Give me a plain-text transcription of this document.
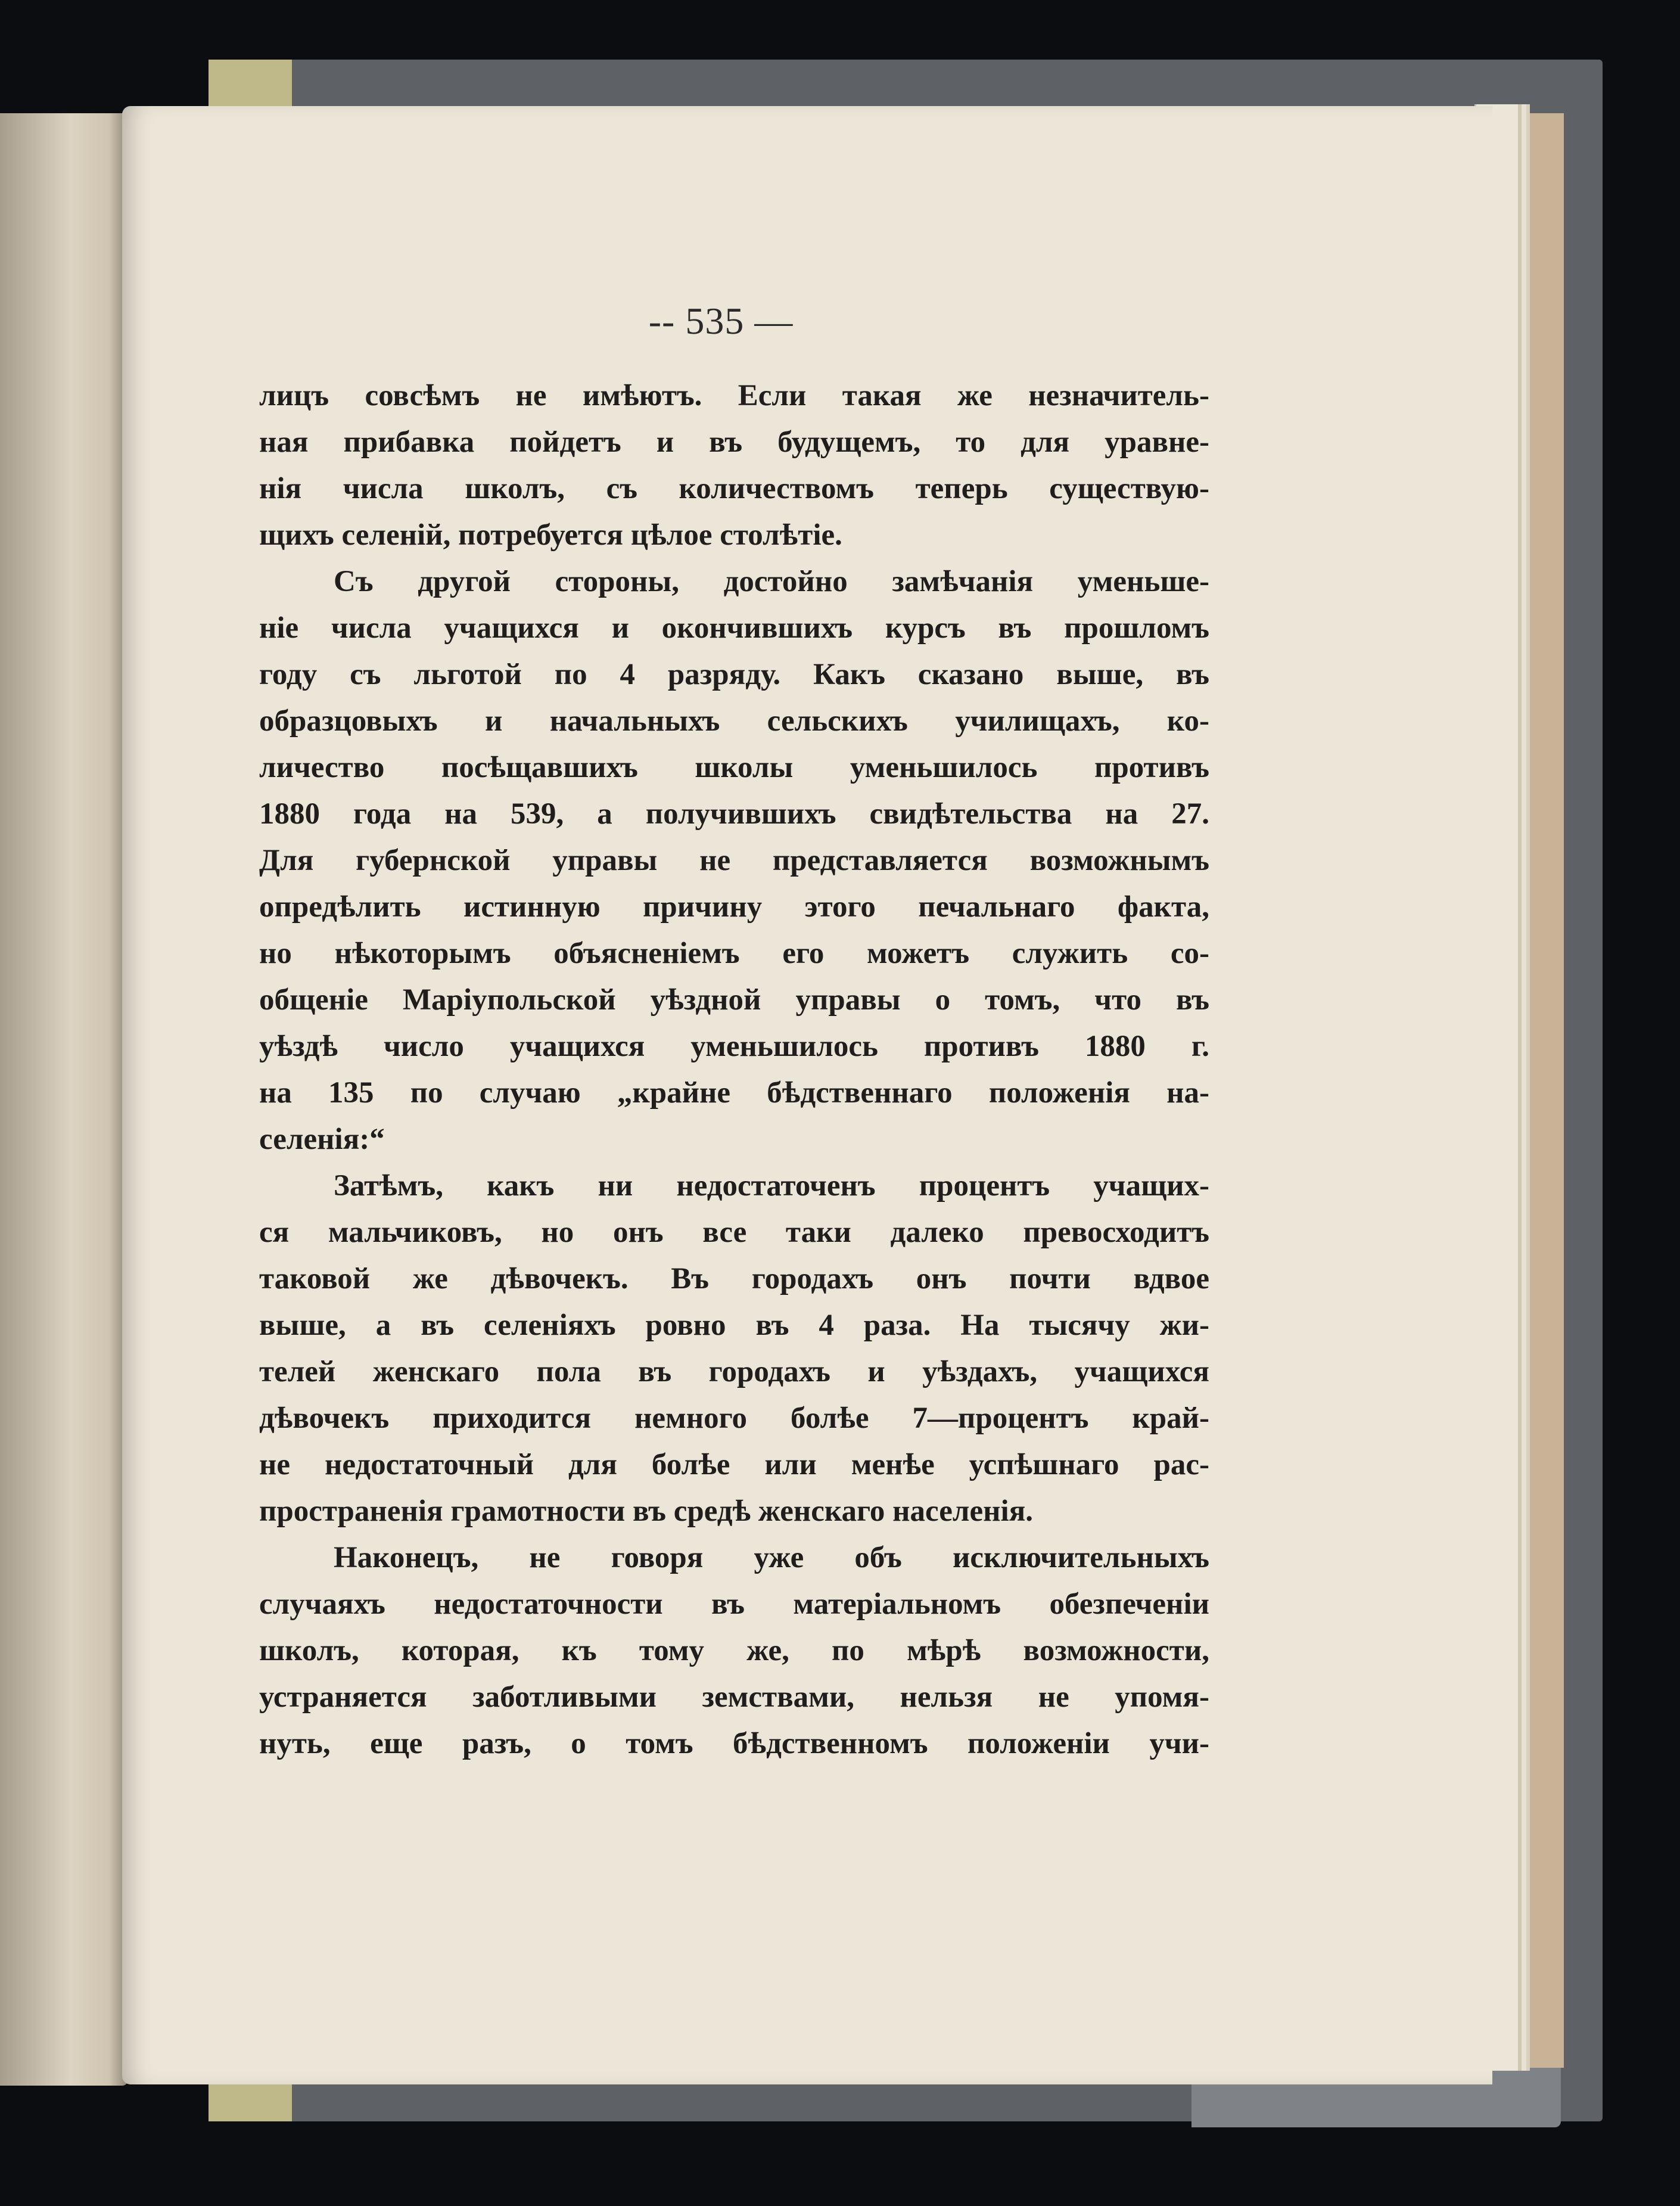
-- 535 —

лицъ совсѣмъ не имѣютъ. Если такая же незначитель-

ная прибавка пойдетъ и въ будущемъ, то для уравне-

нія числа школъ, съ количествомъ теперь существую-

щихъ селеній, потребуется цѣлое столѣтіе.

Съ другой стороны, достойно замѣчанія уменьше-

ніе числа учащихся и окончившихъ курсъ въ прошломъ

году съ льготой по 4 разряду. Какъ сказано выше, въ

образцовыхъ и начальныхъ сельскихъ училищахъ, ко-

личество посѣщавшихъ школы уменьшилось противъ

1880 года на 539, а получившихъ свидѣтельства на 27.

Для губернской управы не представляется возможнымъ

опредѣлить истинную причину этого печальнаго факта,

но нѣкоторымъ объясненіемъ его можетъ служить со-

общеніе Маріупольской уѣздной управы о томъ, что въ

уѣздѣ число учащихся уменьшилось противъ 1880 г.

на 135 по случаю „крайне бѣдственнаго положенія на-

селенія:“

Затѣмъ, какъ ни недостаточенъ процентъ учащих-

ся мальчиковъ, но онъ все таки далеко превосходитъ

таковой же дѣвочекъ. Въ городахъ онъ почти вдвое

выше, а въ селеніяхъ ровно въ 4 раза. На тысячу жи-

телей женскаго пола въ городахъ и уѣздахъ, учащихся

дѣвочекъ приходится немного болѣе 7—процентъ край-

не недостаточный для болѣе или менѣе успѣшнаго рас-

пространенія грамотности въ средѣ женскаго населенія.

Наконецъ, не говоря уже объ исключительныхъ

случаяхъ недостаточности въ матеріальномъ обезпеченіи

школъ, которая, къ тому же, по мѣрѣ возможности,

устраняется заботливыми земствами, нельзя не упомя-

нуть, еще разъ, о томъ бѣдственномъ положеніи учи-
